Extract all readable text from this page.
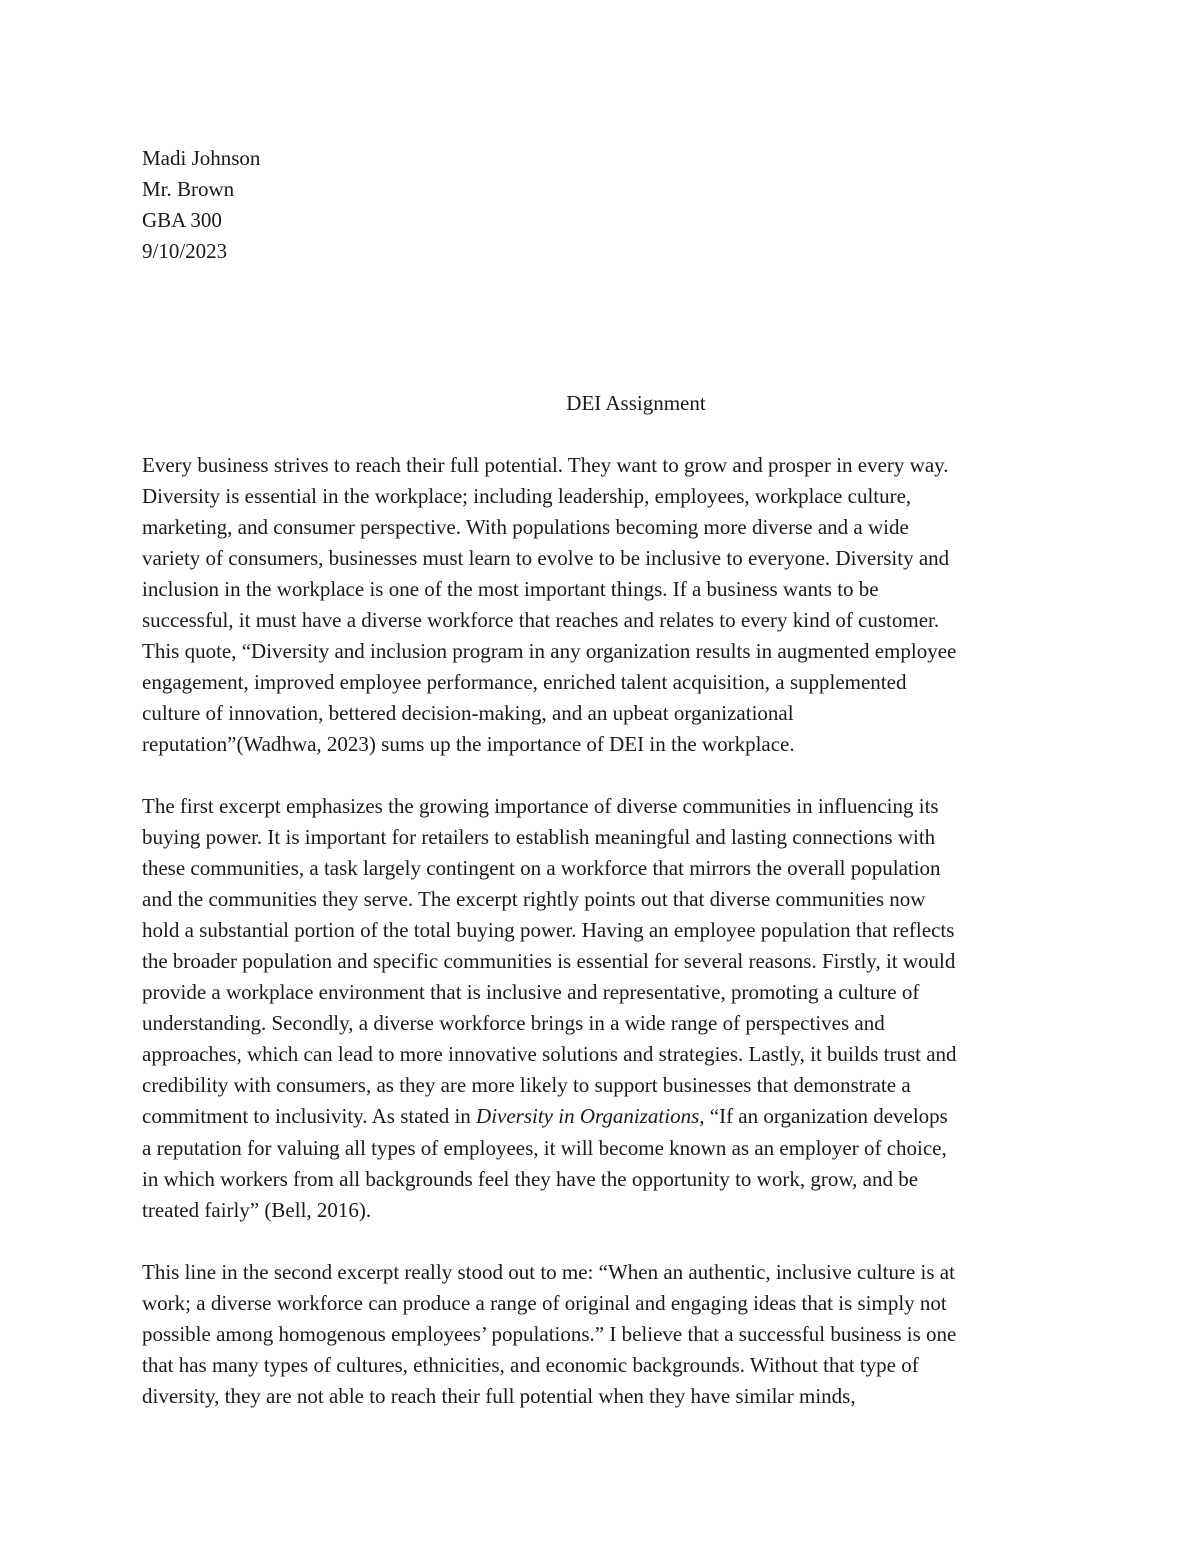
Madi Johnson
Mr. Brown
GBA 300
9/10/2023
DEI Assignment
Every business strives to reach their full potential. They want to grow and prosper in every way.
Diversity is essential in the workplace; including leadership, employees, workplace culture,
marketing, and consumer perspective. With populations becoming more diverse and a wide
variety of consumers, businesses must learn to evolve to be inclusive to everyone. Diversity and
inclusion in the workplace is one of the most important things. If a business wants to be
successful, it must have a diverse workforce that reaches and relates to every kind of customer.
This quote, “Diversity and inclusion program in any organization results in augmented employee
engagement, improved employee performance, enriched talent acquisition, a supplemented
culture of innovation, bettered decision-making, and an upbeat organizational
reputation”(Wadhwa, 2023) sums up the importance of DEI in the workplace.
The first excerpt emphasizes the growing importance of diverse communities in influencing its
buying power. It is important for retailers to establish meaningful and lasting connections with
these communities, a task largely contingent on a workforce that mirrors the overall population
and the communities they serve. The excerpt rightly points out that diverse communities now
hold a substantial portion of the total buying power. Having an employee population that reflects
the broader population and specific communities is essential for several reasons. Firstly, it would
provide a workplace environment that is inclusive and representative, promoting a culture of
understanding. Secondly, a diverse workforce brings in a wide range of perspectives and
approaches, which can lead to more innovative solutions and strategies. Lastly, it builds trust and
credibility with consumers, as they are more likely to support businesses that demonstrate a
commitment to inclusivity. As stated in Diversity in Organizations, “If an organization develops
a reputation for valuing all types of employees, it will become known as an employer of choice,
in which workers from all backgrounds feel they have the opportunity to work, grow, and be
treated fairly” (Bell, 2016).
This line in the second excerpt really stood out to me: “When an authentic, inclusive culture is at
work; a diverse workforce can produce a range of original and engaging ideas that is simply not
possible among homogenous employees’ populations.” I believe that a successful business is one
that has many types of cultures, ethnicities, and economic backgrounds. Without that type of
diversity, they are not able to reach their full potential when they have similar minds,
